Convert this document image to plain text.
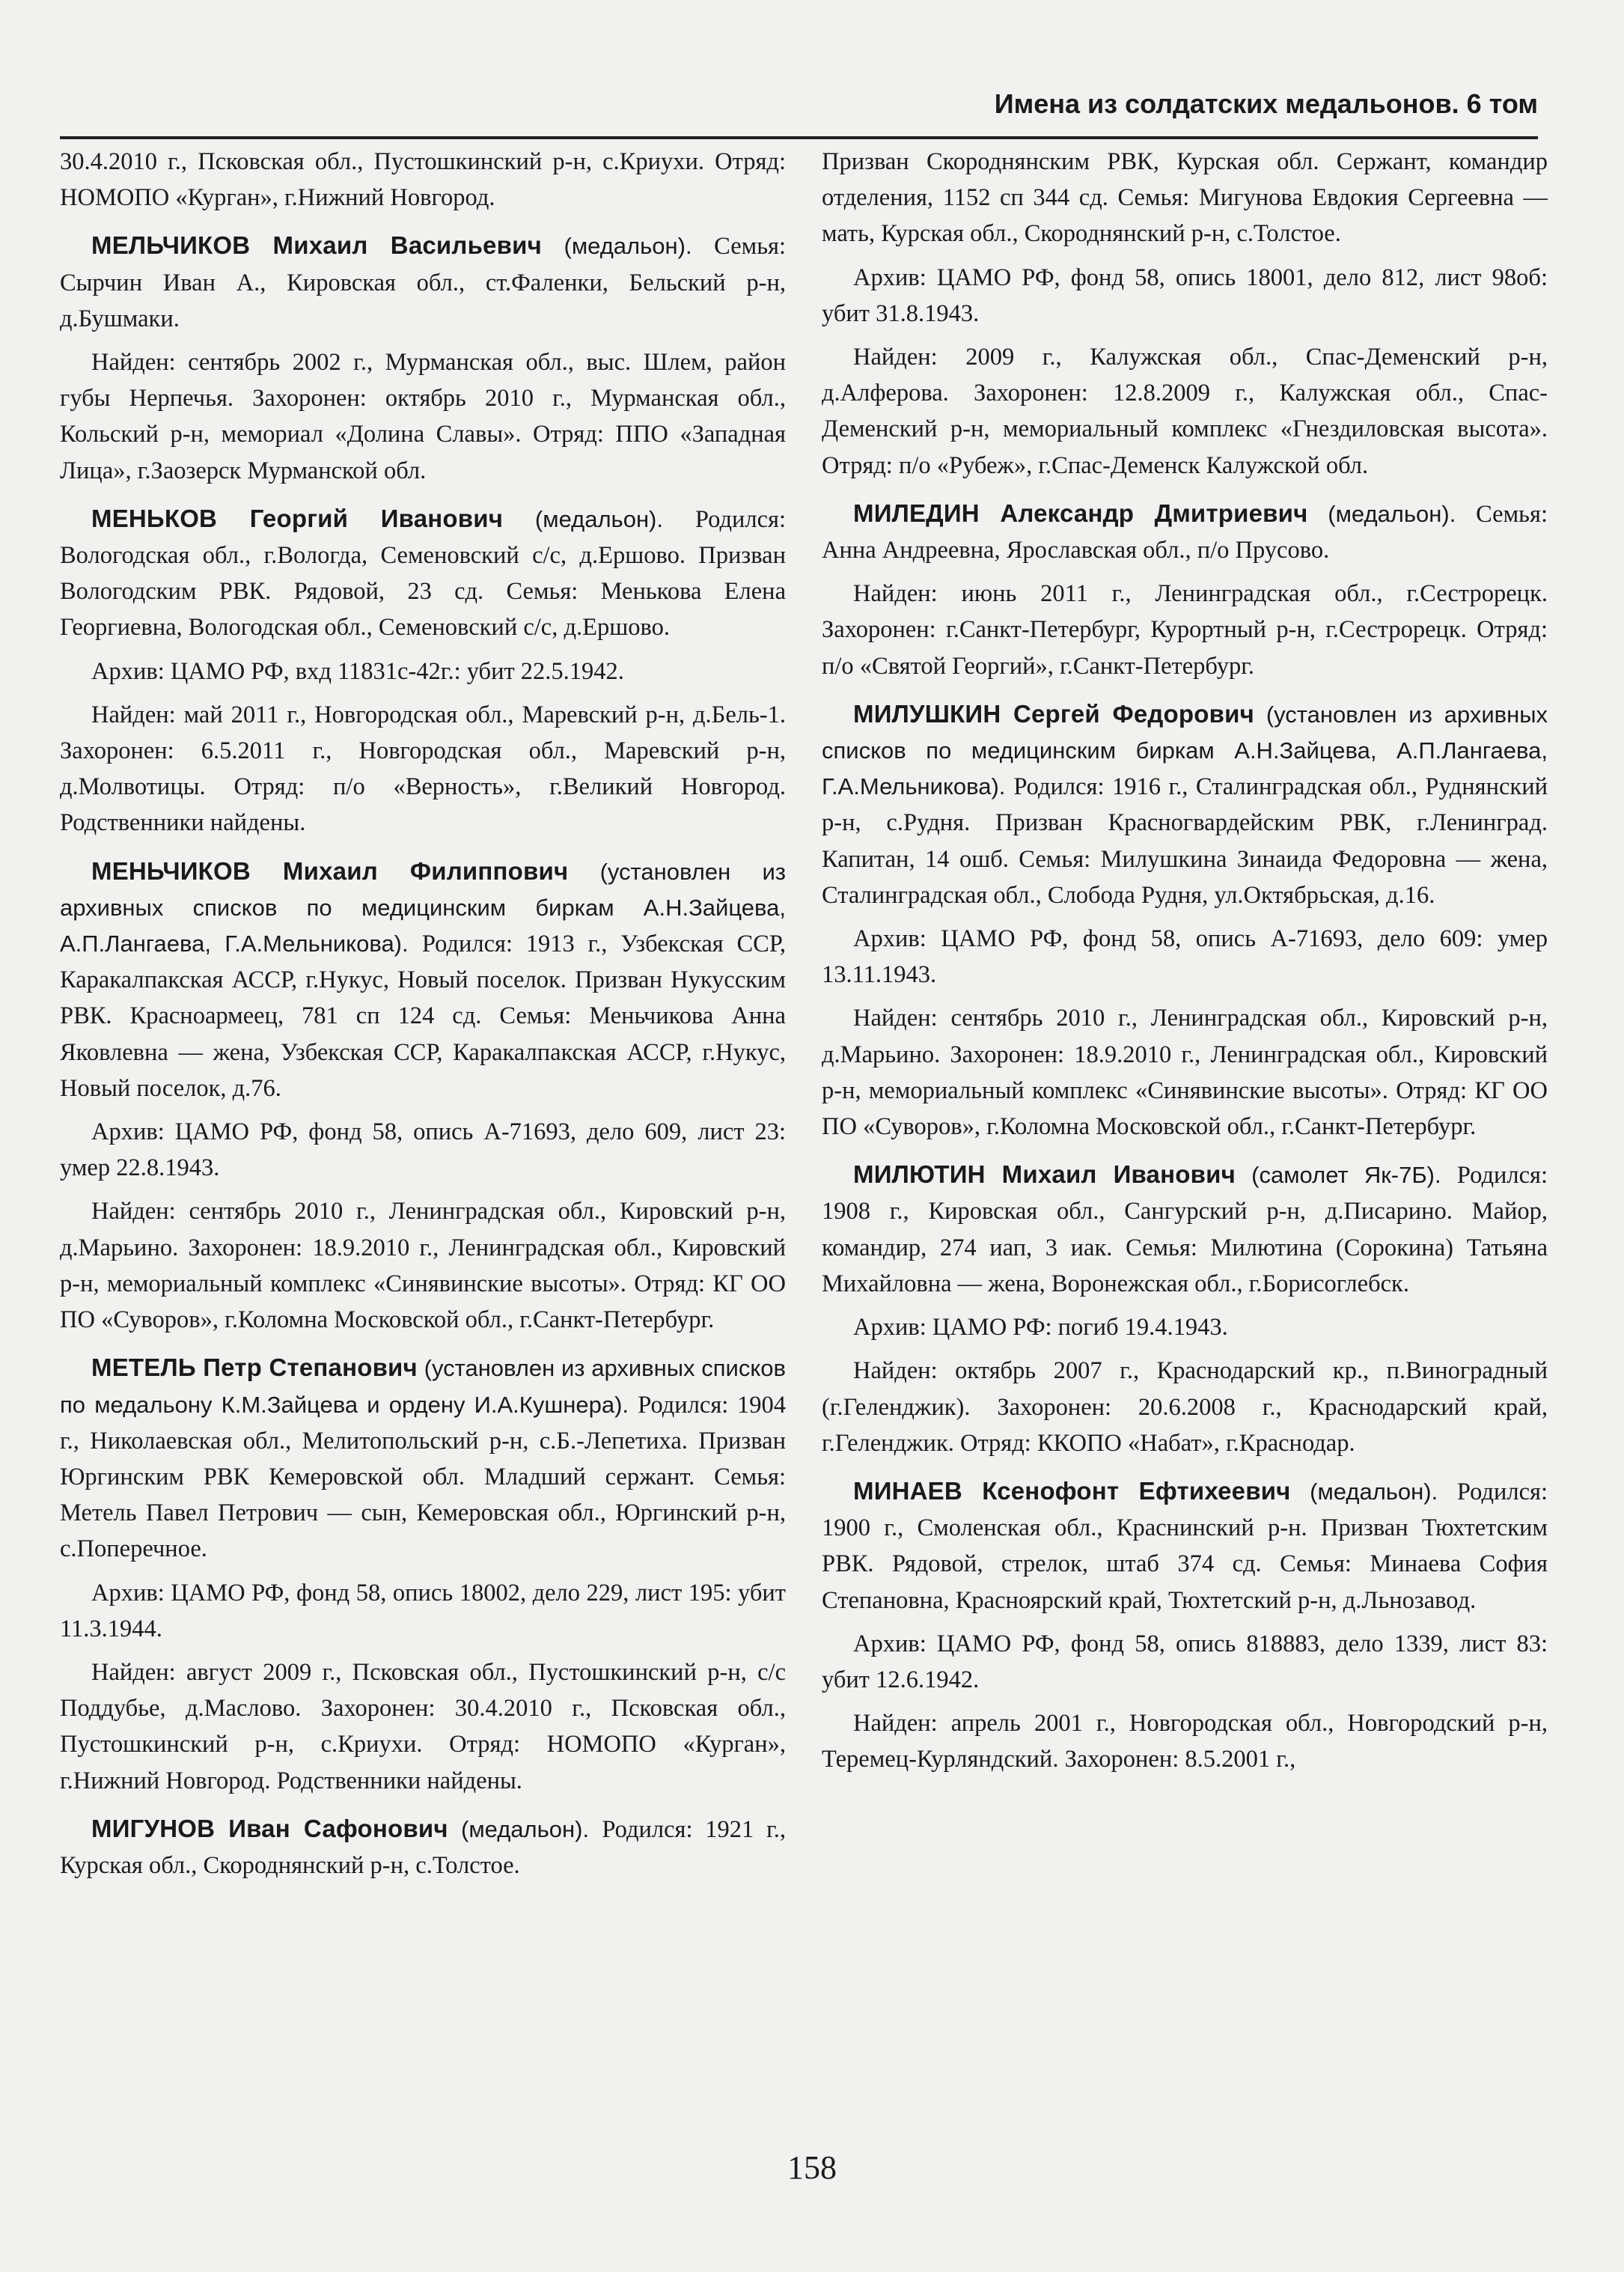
Имена из солдатских медальонов. 6 том

30.4.2010 г., Псковская обл., Пустошкинский р-н, с.Криухи. Отряд: НОМОПО «Курган», г.Нижний Новгород.

МЕЛЬЧИКОВ Михаил Васильевич (медальон). Семья: Сырчин Иван А., Кировская обл., ст.Фаленки, Бельский р-н, д.Бушмаки.

Найден: сентябрь 2002 г., Мурманская обл., выс. Шлем, район губы Нерпечья. Захоронен: октябрь 2010 г., Мурманская обл., Кольский р-н, мемориал «Долина Славы». Отряд: ППО «Западная Лица», г.Заозерск Мурманской обл.

МЕНЬКОВ Георгий Иванович (медальон). Родился: Вологодская обл., г.Вологда, Семеновский с/с, д.Ершово. Призван Вологодским РВК. Рядовой, 23 сд. Семья: Менькова Елена Георгиевна, Вологодская обл., Семеновский с/с, д.Ершово.

Архив: ЦАМО РФ, вхд 11831с-42г.: убит 22.5.1942.

Найден: май 2011 г., Новгородская обл., Маревский р-н, д.Бель-1. Захоронен: 6.5.2011 г., Новгородская обл., Маревский р-н, д.Молвотицы. Отряд: п/о «Верность», г.Великий Новгород. Родственники найдены.

МЕНЬЧИКОВ Михаил Филиппович (установлен из архивных списков по медицинским биркам А.Н.Зайцева, А.П.Лангаева, Г.А.Мельникова). Родился: 1913 г., Узбекская ССР, Каракалпакская АССР, г.Нукус, Новый поселок. Призван Нукусским РВК. Красноармеец, 781 сп 124 сд. Семья: Меньчикова Анна Яковлевна — жена, Узбекская ССР, Каракалпакская АССР, г.Нукус, Новый поселок, д.76.

Архив: ЦАМО РФ, фонд 58, опись А-71693, дело 609, лист 23: умер 22.8.1943.

Найден: сентябрь 2010 г., Ленинградская обл., Кировский р-н, д.Марьино. Захоронен: 18.9.2010 г., Ленинградская обл., Кировский р-н, мемориальный комплекс «Синявинские высоты». Отряд: КГ ОО ПО «Суворов», г.Коломна Московской обл., г.Санкт-Петербург.

МЕТЕЛЬ Петр Степанович (установлен из архивных списков по медальону К.М.Зайцева и ордену И.А.Кушнера). Родился: 1904 г., Николаевская обл., Мелитопольский р-н, с.Б.-Лепетиха. Призван Юргинским РВК Кемеровской обл. Младший сержант. Семья: Метель Павел Петрович — сын, Кемеровская обл., Юргинский р-н, с.Поперечное.

Архив: ЦАМО РФ, фонд 58, опись 18002, дело 229, лист 195: убит 11.3.1944.

Найден: август 2009 г., Псковская обл., Пустошкинский р-н, с/с Поддубье, д.Маслово. Захоронен: 30.4.2010 г., Псковская обл., Пустошкинский р-н, с.Криухи. Отряд: НОМОПО «Курган», г.Нижний Новгород. Родственники найдены.

МИГУНОВ Иван Сафонович (медальон). Родился: 1921 г., Курская обл., Скороднянский р-н, с.Толстое.

Призван Скороднянским РВК, Курская обл. Сержант, командир отделения, 1152 сп 344 сд. Семья: Мигунова Евдокия Сергеевна — мать, Курская обл., Скороднянский р-н, с.Толстое.

Архив: ЦАМО РФ, фонд 58, опись 18001, дело 812, лист 98об: убит 31.8.1943.

Найден: 2009 г., Калужская обл., Спас-Деменский р-н, д.Алферова. Захоронен: 12.8.2009 г., Калужская обл., Спас-Деменский р-н, мемориальный комплекс «Гнездиловская высота». Отряд: п/о «Рубеж», г.Спас-Деменск Калужской обл.

МИЛЕДИН Александр Дмитриевич (медальон). Семья: Анна Андреевна, Ярославская обл., п/о Прусово.

Найден: июнь 2011 г., Ленинградская обл., г.Сестрорецк. Захоронен: г.Санкт-Петербург, Курортный р-н, г.Сестрорецк. Отряд: п/о «Святой Георгий», г.Санкт-Петербург.

МИЛУШКИН Сергей Федорович (установлен из архивных списков по медицинским биркам А.Н.Зайцева, А.П.Лангаева, Г.А.Мельникова). Родился: 1916 г., Сталинградская обл., Руднянский р-н, с.Рудня. Призван Красногвардейским РВК, г.Ленинград. Капитан, 14 ошб. Семья: Милушкина Зинаида Федоровна — жена, Сталинградская обл., Слобода Рудня, ул.Октябрьская, д.16.

Архив: ЦАМО РФ, фонд 58, опись А-71693, дело 609: умер 13.11.1943.

Найден: сентябрь 2010 г., Ленинградская обл., Кировский р-н, д.Марьино. Захоронен: 18.9.2010 г., Ленинградская обл., Кировский р-н, мемориальный комплекс «Синявинские высоты». Отряд: КГ ОО ПО «Суворов», г.Коломна Московской обл., г.Санкт-Петербург.

МИЛЮТИН Михаил Иванович (самолет Як-7Б). Родился: 1908 г., Кировская обл., Сангурский р-н, д.Писарино. Майор, командир, 274 иап, 3 иак. Семья: Милютина (Сорокина) Татьяна Михайловна — жена, Воронежская обл., г.Борисоглебск.

Архив: ЦАМО РФ: погиб 19.4.1943.

Найден: октябрь 2007 г., Краснодарский кр., п.Виноградный (г.Геленджик). Захоронен: 20.6.2008 г., Краснодарский край, г.Геленджик. Отряд: ККОПО «Набат», г.Краснодар.

МИНАЕВ Ксенофонт Ефтихеевич (медальон). Родился: 1900 г., Смоленская обл., Краснинский р-н. Призван Тюхтетским РВК. Рядовой, стрелок, штаб 374 сд. Семья: Минаева София Степановна, Красноярский край, Тюхтетский р-н, д.Льнозавод.

Архив: ЦАМО РФ, фонд 58, опись 818883, дело 1339, лист 83: убит 12.6.1942.

Найден: апрель 2001 г., Новгородская обл., Новгородский р-н, Теремец-Курляндский. Захоронен: 8.5.2001 г.,

158
